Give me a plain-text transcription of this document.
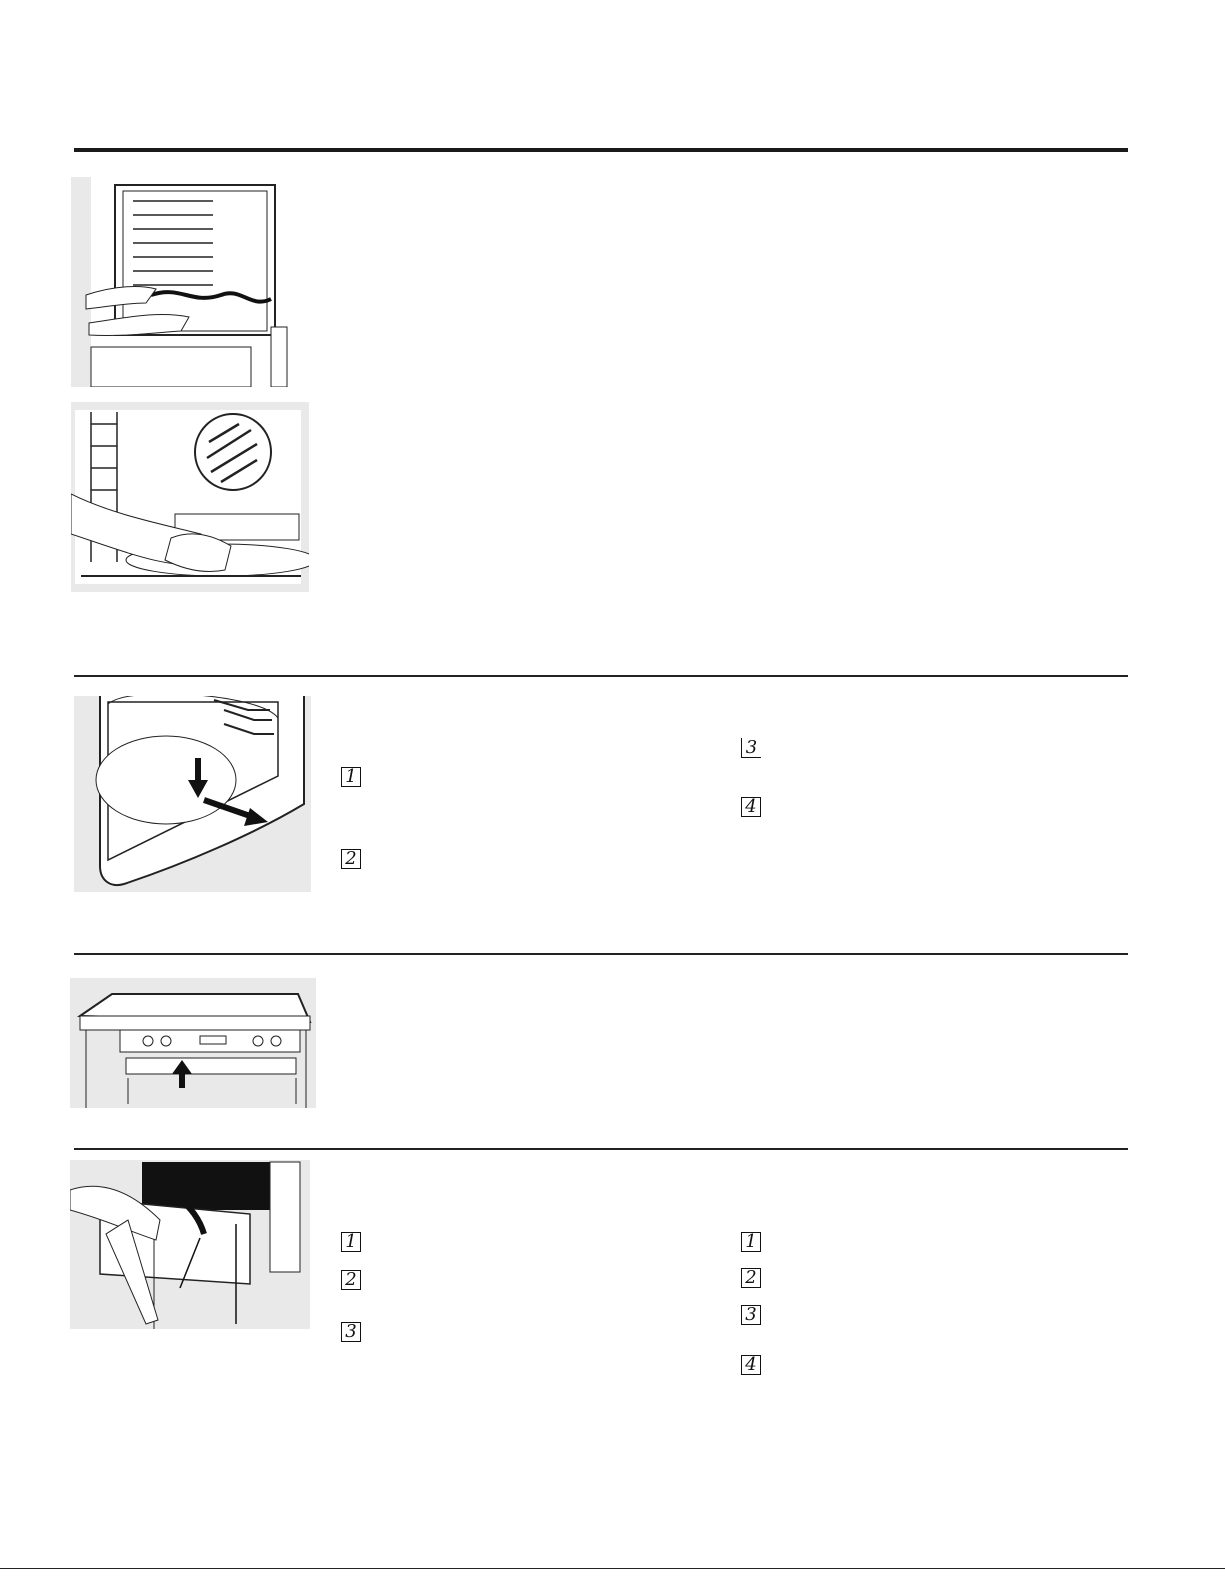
1
2
3
4
1
2
3
1
2
3
4
